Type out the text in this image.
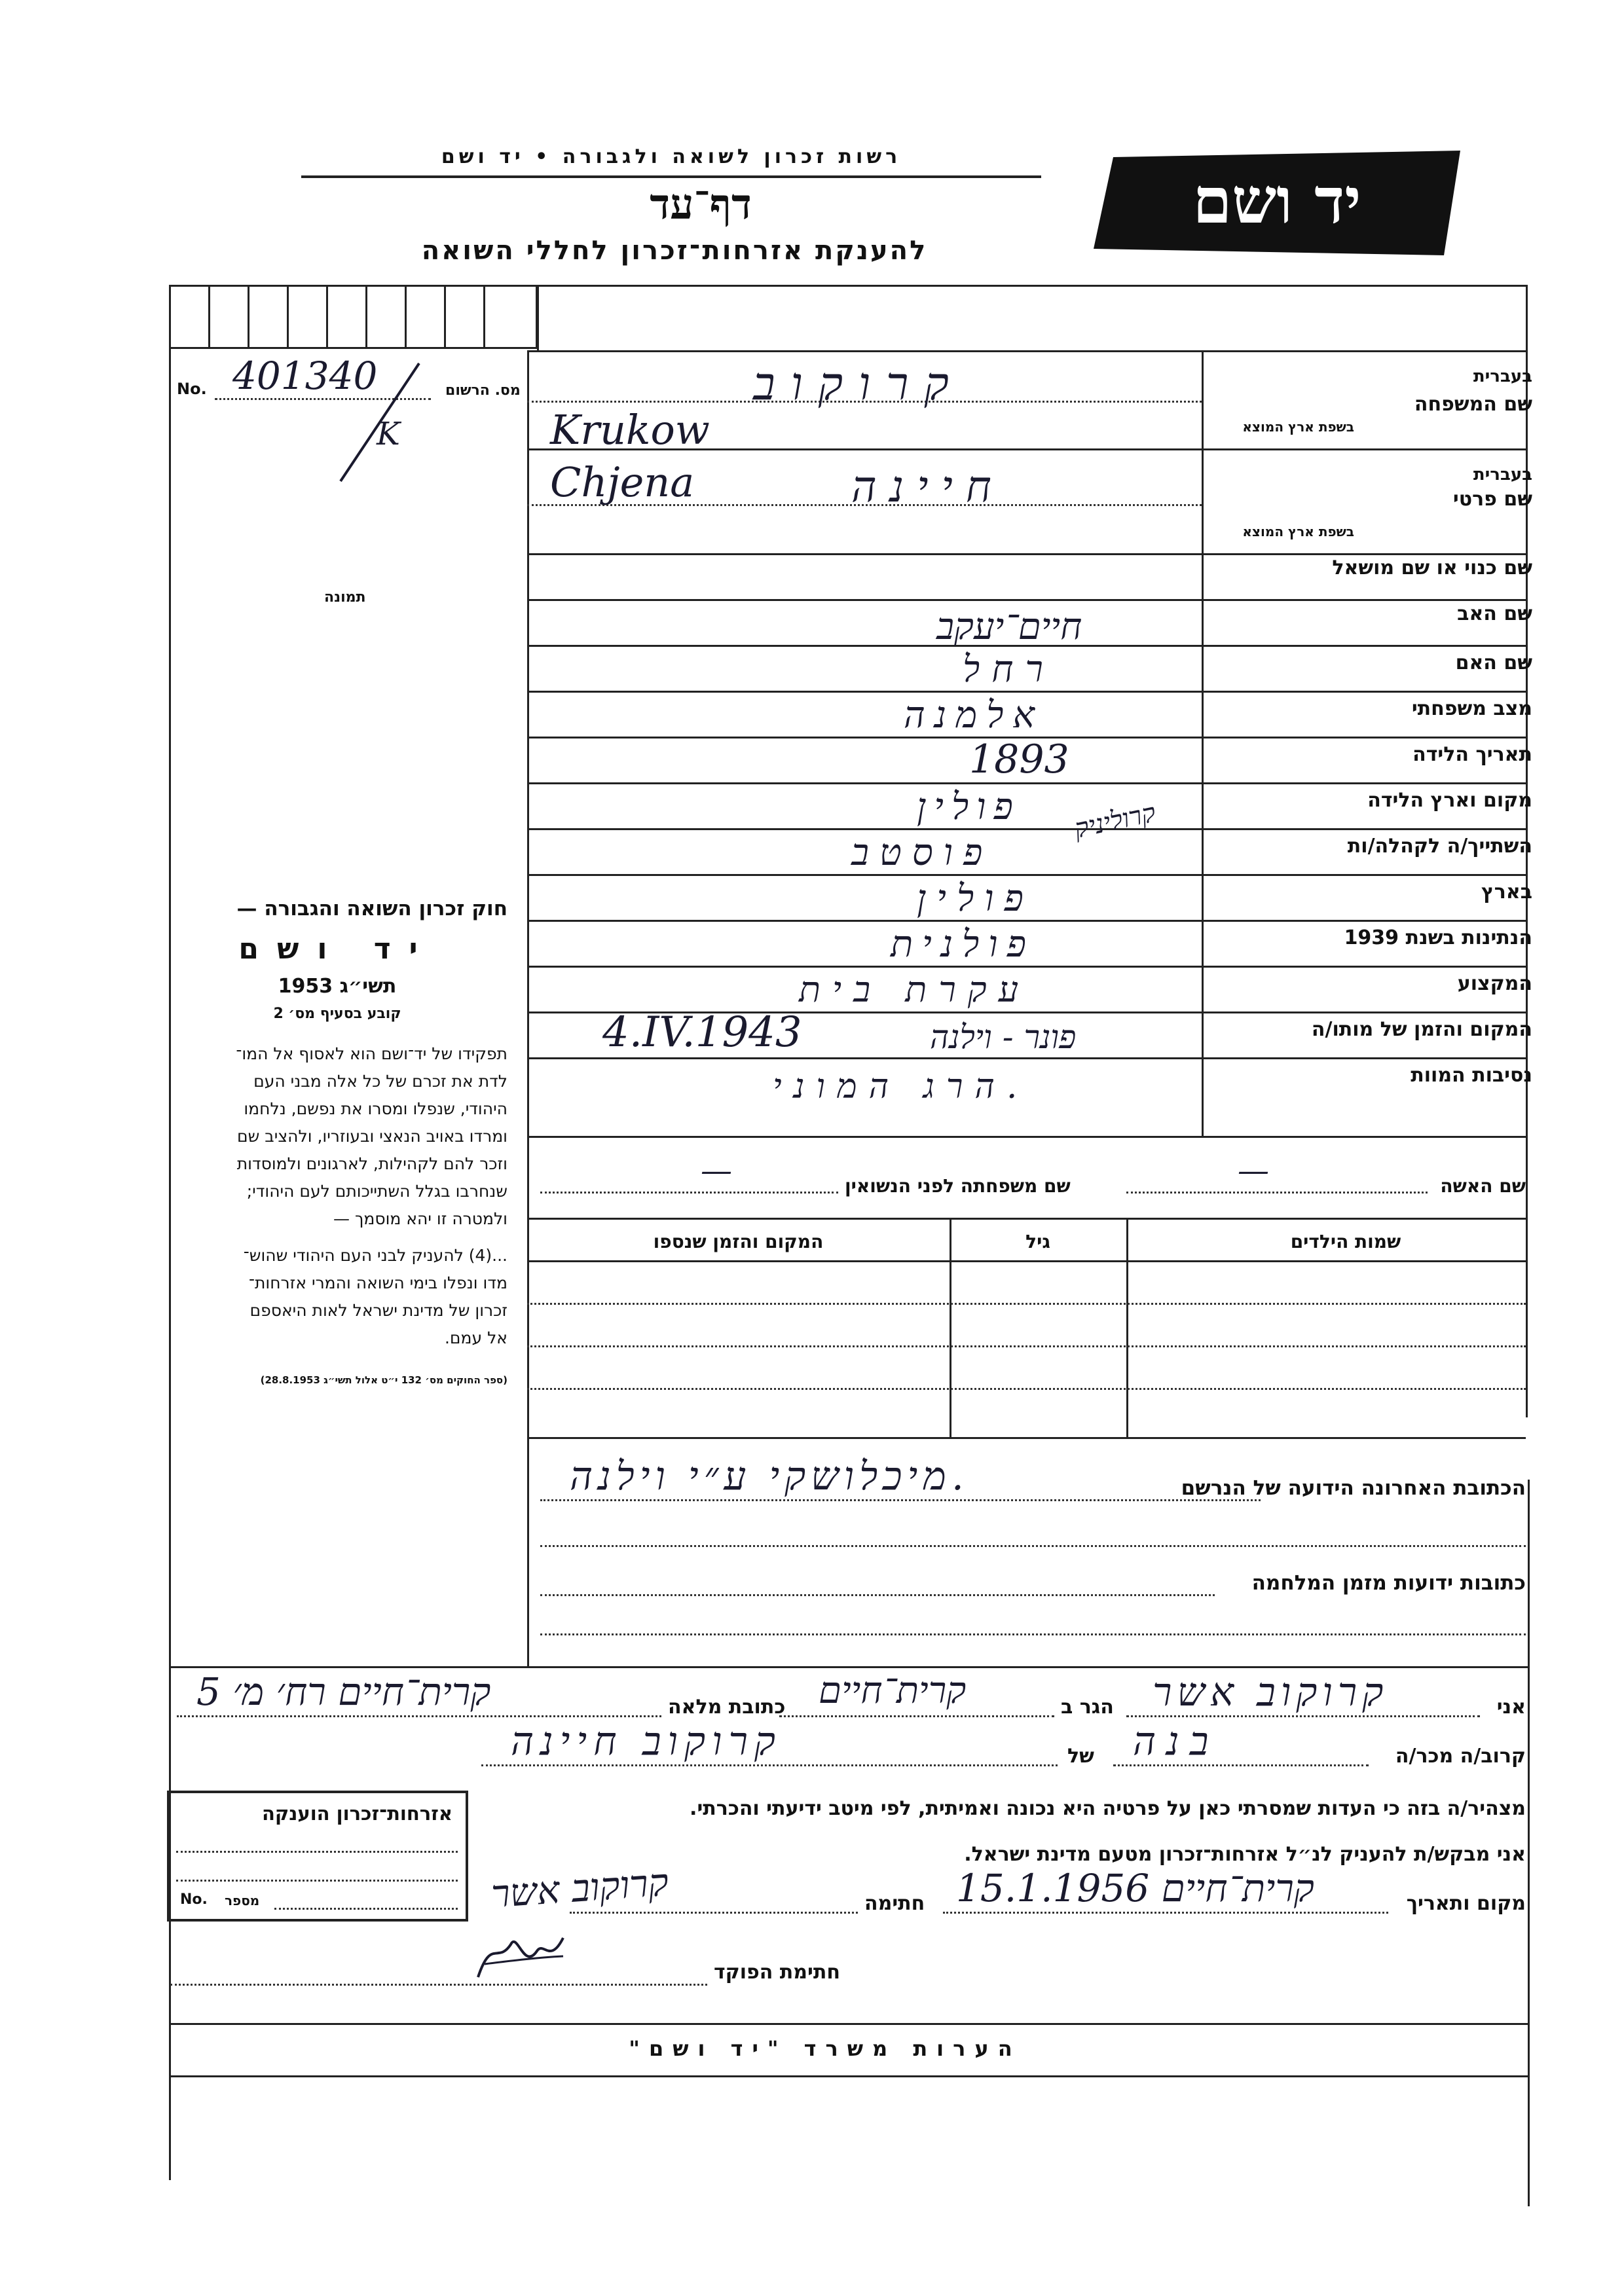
רשות זכרון לשואה ולגבורה • יד ושם
דף־עד
להענקת אזרחות־זכרון לחללי השואה
יד ושם
No. 401340	מס. הרשום
K
תמונה
שם המשפחה
בעברית
בשפת ארץ המוצא
קרוקוב
Krukow
שם פרטי
בעברית
בשפת ארץ המוצא
Chjena	חיינה
שם כנוי או שם מושאל
שם האב
חיים־יעקב
שם האם
רחל
מצב משפחתי
אלמנה
תאריך הלידה
1893
מקום וארץ הלידה
פולין קרוליניק
השתייך/ה לקהלה/ות
פוסטב
בארץ
פולין
הנתינות בשנת 1939
פולנית
המקצוע
עקרת בית
המקום והזמן של מותו/ה
פונר - וילנה
4.IV.1943
נסיבות המוות
הרג המוני.
חוק זכרון השואה והגבורה —
יד ושם
תשי״ג 1953
קובע בסעיף מס׳ 2

תפקידו של יד־ושם הוא לאסוף אל המו־

לדת את זכרם של כל אלה מבני העם

היהודי, שנפלו ומסרו את נפשם, נלחמו

ומרדו באויב הנאצי ובעוזריו, ולהציב שם

וזכר להם לקהילות, לארגונים ולמוסדות

שנחרבו בגלל השתייכותם לעם היהודי;

ולמטרה זו יהא מוסמך —

...(4) להעניק לבני העם היהודי שהוש־

מדו ונפלו בימי השואה והמרי אזרחות־

זכרון של מדינת ישראל לאות היאספם

אל עמם.

(ספר החוקים מס׳ 132 י״ט אלול תשי״ג 28.8.1953)
שם האשה
—
שם משפחתה לפני הנשואין
—
שמות הילדים
גיל
המקום והזמן שנספו
הכתובת האחרונה הידועה של הנרשם
מיכלושקי ע״י וילנה.
כתובות ידועות מזמן המלחמה
אני
קרוקוב אשר
הגר ב
קרית־חיים
כתובת מלאה
קרית־חיים רח׳ מ׳ 5
קרוב/ה מכר/ה
בנה
של
קרוקוב חיינה
מצהיר/ה בזה כי העדות שמסרתי כאן על פרטיה היא נכונה ואמיתית, לפי מיטב ידיעתי והכרתי.
אני מבקש/ת להעניק לנ״ל אזרחות־זכרון מטעם מדינת ישראל.
מקום ותאריך
קרית־חיים 15.1.1956
חתימה
קרוקוב אשר
חתימת הפוקד
אזרחות־זכרון הוענקה
No. מספר
הערות משרד "יד ושם"
